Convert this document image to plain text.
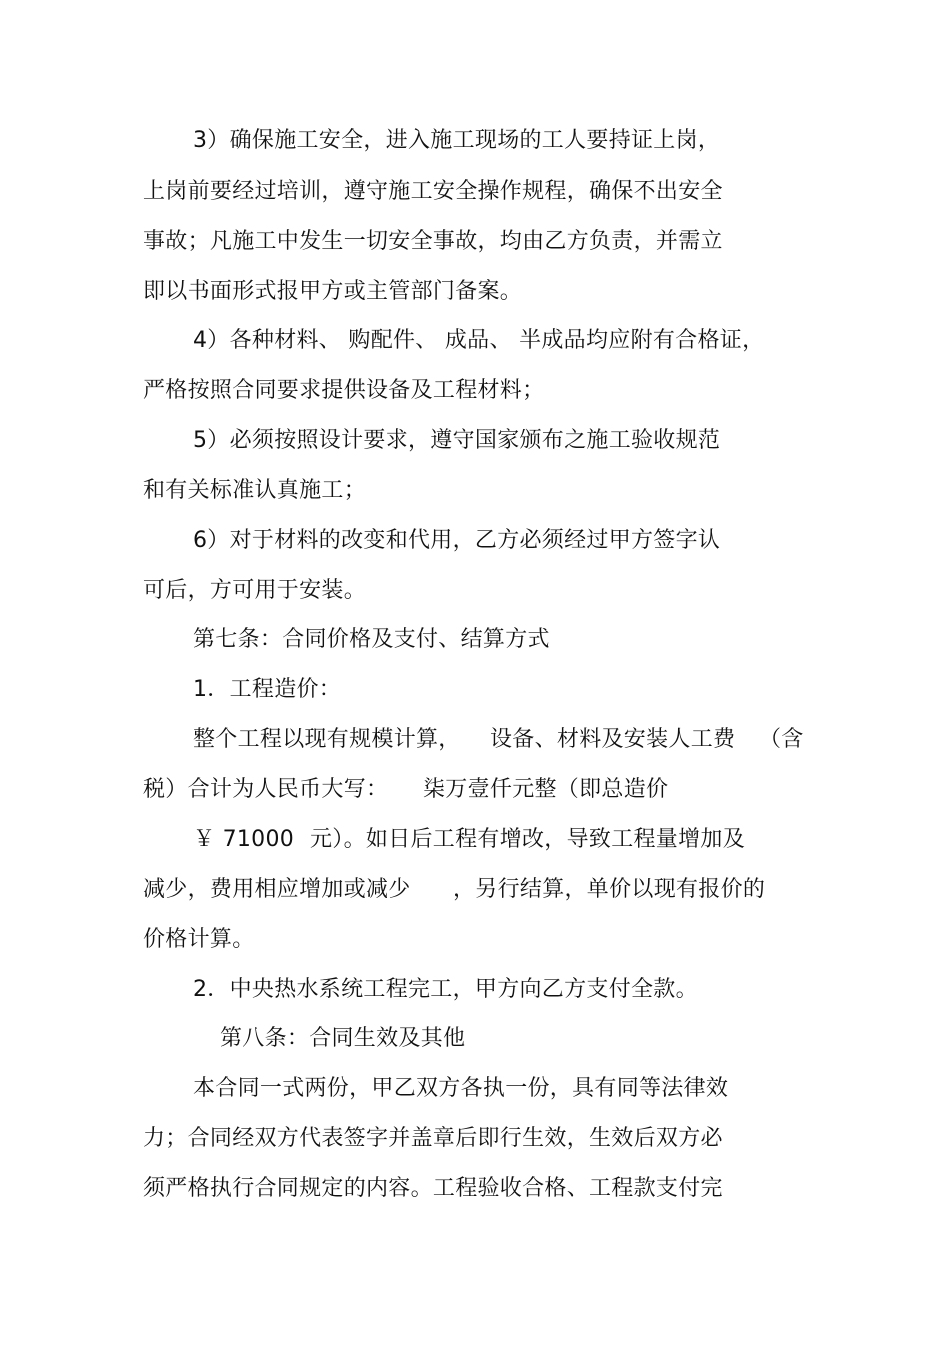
3）确保施工安全，进入施工现场的工人要持证上岗，
上岗前要经过培训，遵守施工安全操作规程，确保不出安全
事故；凡施工中发生一切安全事故，均由乙方负责，并需立
即以书面形式报甲方或主管部门备案。
4）各种材料、 购配件、 成品、 半成品均应附有合格证，
严格按照合同要求提供设备及工程材料；
5）必须按照设计要求，遵守国家颁布之施工验收规范
和有关标准认真施工；
6）对于材料的改变和代用，乙方必须经过甲方签字认
可后，方可用于安装。
第七条：合同价格及支付、结算方式
1．工程造价：
整个工程以现有规模计算， 设备、材料及安装人工费 （含
税）合计为人民币大写： 柒万壹仟元整（即总造价
￥ 71000 元）。如日后工程有增改，导致工程量增加及
减少，费用相应增加或减少 ，另行结算，单价以现有报价的
价格计算。
2．中央热水系统工程完工，甲方向乙方支付全款。
第八条：合同生效及其他
本合同一式两份，甲乙双方各执一份，具有同等法律效
力；合同经双方代表签字并盖章后即行生效，生效后双方必
须严格执行合同规定的内容。工程验收合格、工程款支付完
